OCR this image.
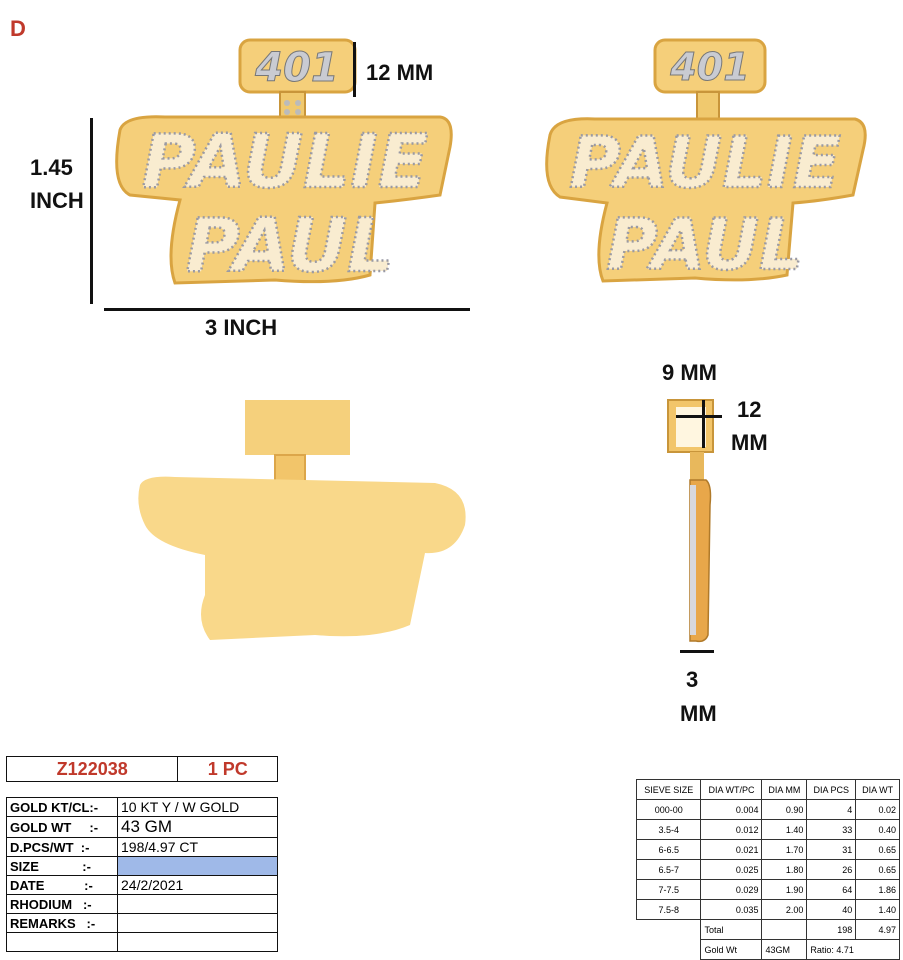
D
401
PAULIE
PAUL
12 MM
1.45
INCH
3 INCH
401
PAULIE
PAUL
9 MM
12
MM
3
MM
Z122038	1 PC
GOLD KT/CL:-	10 KT Y / W GOLD
GOLD WT     :-	43 GM
D.PCS/WT  :-	198/4.97 CT
SIZE            :-	
DATE           :-	24/2/2021
RHODIUM   :-	
REMARKS   :-	

SIEVE SIZE	DIA WT/PC	DIA MM	DIA PCS	DIA WT
000-00	0.004	0.90	4	0.02
3.5-4	0.012	1.40	33	0.40
6-6.5	0.021	1.70	31	0.65
6.5-7	0.025	1.80	26	0.65
7-7.5	0.029	1.90	64	1.86
7.5-8	0.035	2.00	40	1.40
	Total		198	4.97
	Gold Wt	43GM	Ratio: 4.71	
